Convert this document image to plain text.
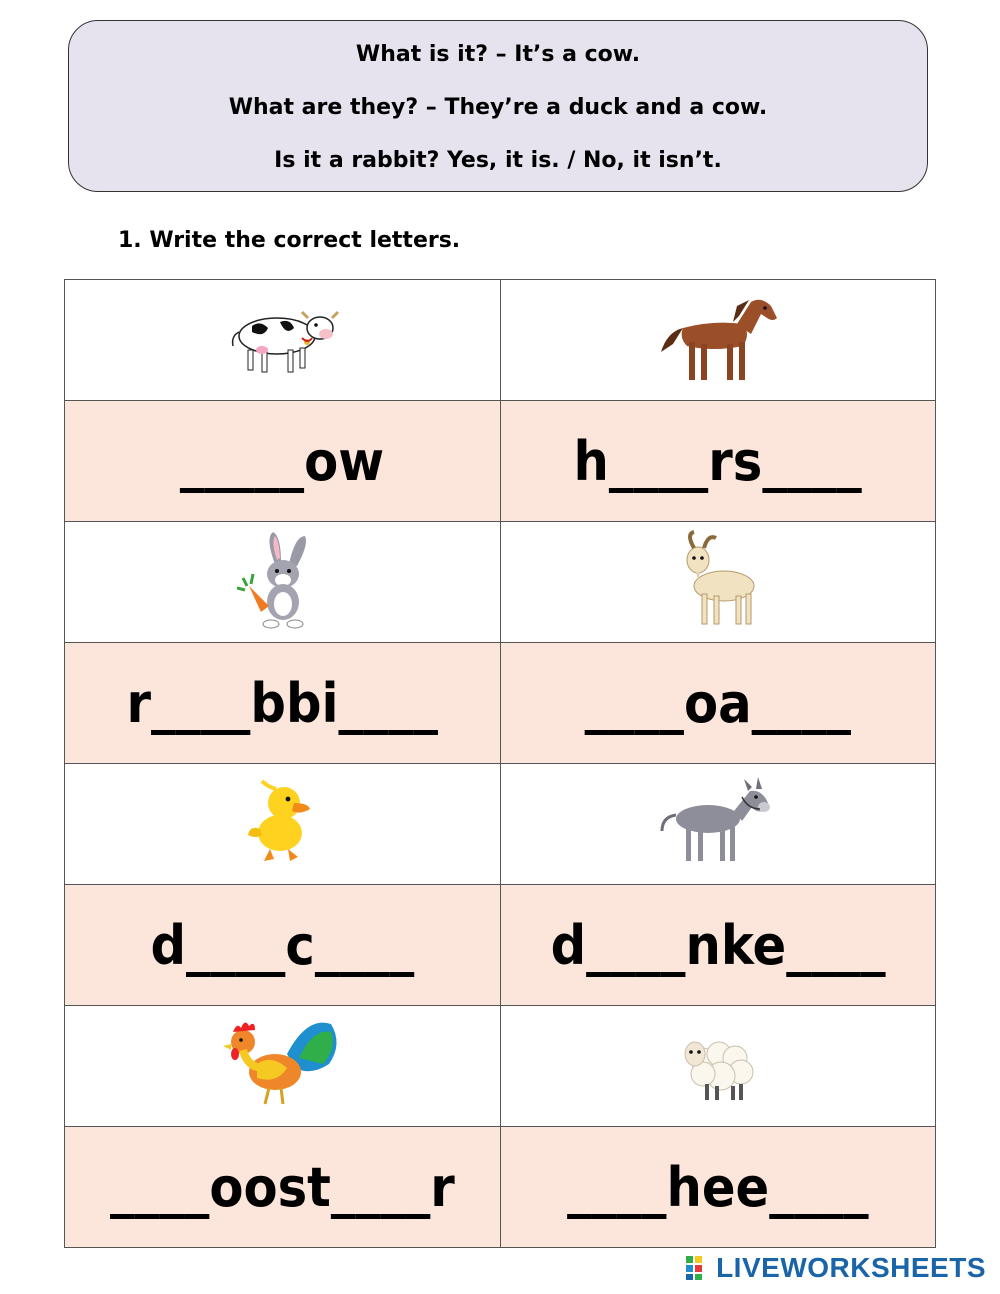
What is it? – It’s a cow.
What are they? – They’re a duck and a cow.
Is it a rabbit? Yes, it is. / No, it isn’t.
1. Write the correct letters.

_____ow	h____rs____

r____bbi____	____oa____

d____c____	d____nke____

____oost____r	____hee____
LIVEWORKSHEETS
